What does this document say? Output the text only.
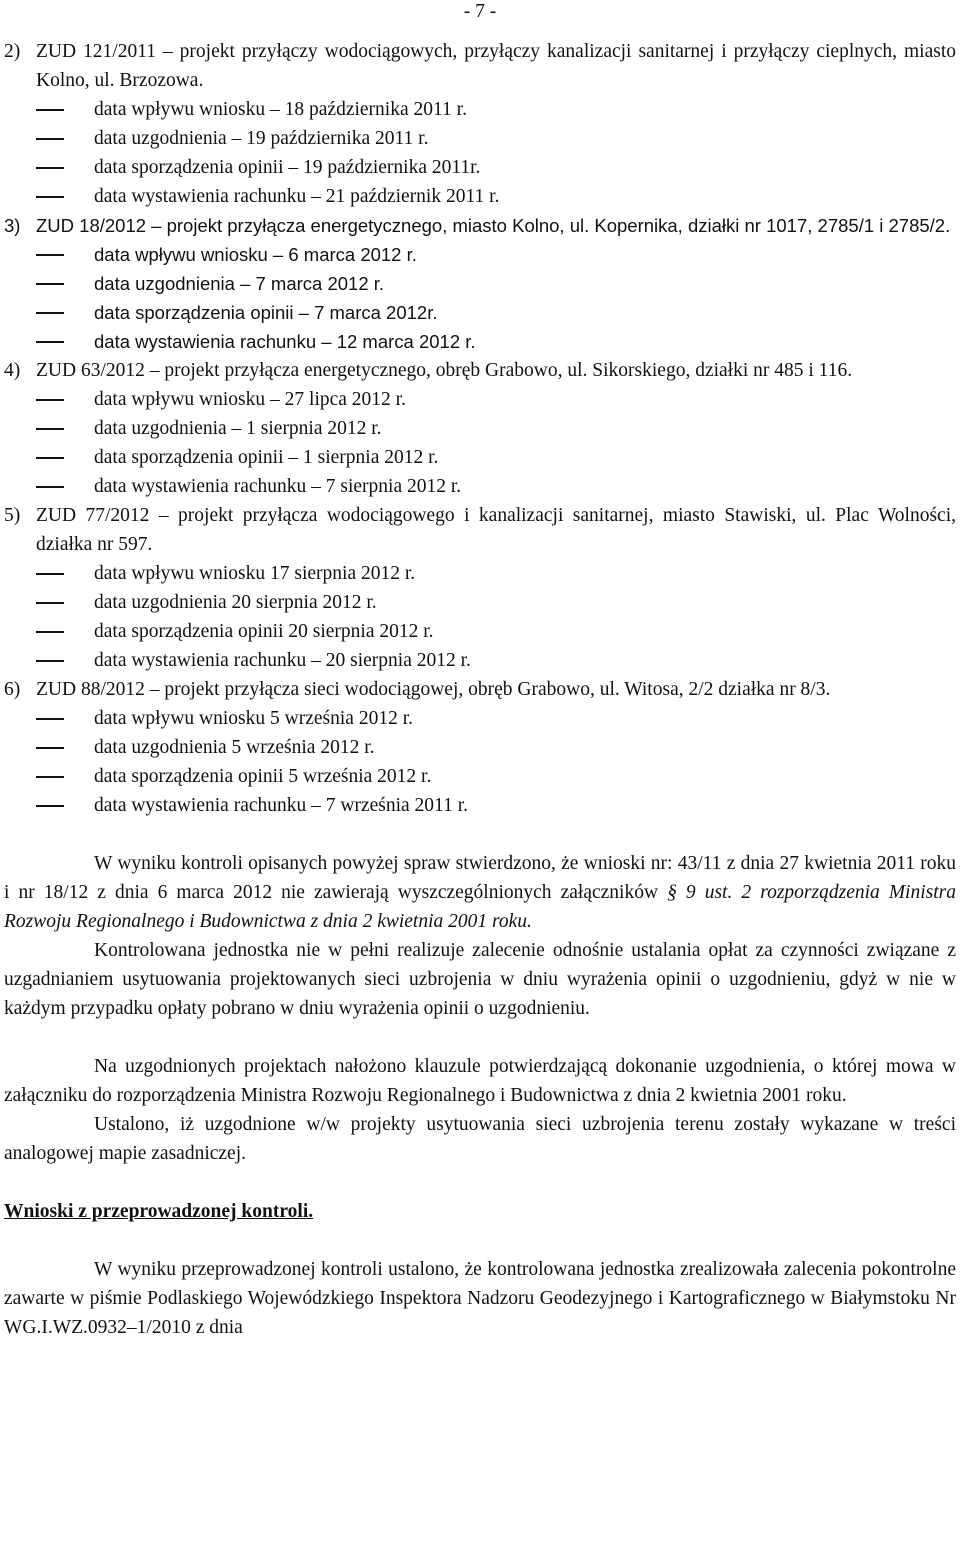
- 7 -
2) ZUD 121/2011 – projekt przyłączy wodociągowych, przyłączy kanalizacji sanitarnej i przyłączy cieplnych, miasto Kolno, ul. Brzozowa.
data wpływu wniosku – 18 października 2011 r.
data uzgodnienia – 19 października 2011 r.
data sporządzenia opinii – 19 października 2011r.
data wystawienia rachunku – 21 październik 2011 r.
3) ZUD 18/2012 – projekt przyłącza energetycznego, miasto Kolno, ul. Kopernika, działki nr 1017, 2785/1 i 2785/2.
data wpływu wniosku – 6 marca 2012 r.
data uzgodnienia – 7 marca 2012 r.
data sporządzenia opinii – 7 marca 2012r.
data wystawienia rachunku – 12 marca 2012 r.
4) ZUD 63/2012 – projekt przyłącza energetycznego, obręb Grabowo, ul. Sikorskiego, działki nr 485 i 116.
data wpływu wniosku – 27 lipca 2012 r.
data uzgodnienia – 1 sierpnia 2012 r.
data sporządzenia opinii – 1 sierpnia 2012 r.
data wystawienia rachunku – 7 sierpnia 2012 r.
5) ZUD 77/2012 – projekt przyłącza wodociągowego i kanalizacji sanitarnej, miasto Stawiski, ul. Plac Wolności, działka nr 597.
data wpływu wniosku 17 sierpnia 2012 r.
data uzgodnienia 20 sierpnia 2012 r.
data sporządzenia opinii 20 sierpnia 2012 r.
data wystawienia rachunku – 20 sierpnia 2012 r.
6) ZUD 88/2012 – projekt przyłącza sieci wodociągowej, obręb Grabowo, ul. Witosa, 2/2 działka nr 8/3.
data wpływu wniosku 5 września 2012 r.
data uzgodnienia 5 września 2012 r.
data sporządzenia opinii 5 września 2012 r.
data wystawienia rachunku – 7 września 2011 r.

W wyniku kontroli opisanych powyżej spraw stwierdzono, że wnioski nr: 43/11 z dnia 27 kwietnia 2011 roku i nr 18/12 z dnia 6 marca 2012 nie zawierają wyszczególnionych załączników § 9 ust. 2 rozporządzenia Ministra Rozwoju Regionalnego i Budownictwa z dnia 2 kwietnia 2001 roku.

Kontrolowana jednostka nie w pełni realizuje zalecenie odnośnie ustalania opłat za czynności związane z uzgadnianiem usytuowania projektowanych sieci uzbrojenia w dniu wyrażenia opinii o uzgodnieniu, gdyż w nie w każdym przypadku opłaty pobrano w dniu wyrażenia opinii o uzgodnieniu.

Na uzgodnionych projektach nałożono klauzule potwierdzającą dokonanie uzgodnienia, o której mowa w załączniku do rozporządzenia Ministra Rozwoju Regionalnego i Budownictwa z dnia 2 kwietnia 2001 roku.

Ustalono, iż uzgodnione w/w projekty usytuowania sieci uzbrojenia terenu zostały wykazane w treści analogowej mapie zasadniczej.

Wnioski z przeprowadzonej kontroli.

W wyniku przeprowadzonej kontroli ustalono, że kontrolowana jednostka zrealizowała zalecenia pokontrolne zawarte w piśmie Podlaskiego Wojewódzkiego Inspektora Nadzoru Geodezyjnego i Kartograficznego w Białymstoku Nr WG.I.WZ.0932–1/2010 z dnia
